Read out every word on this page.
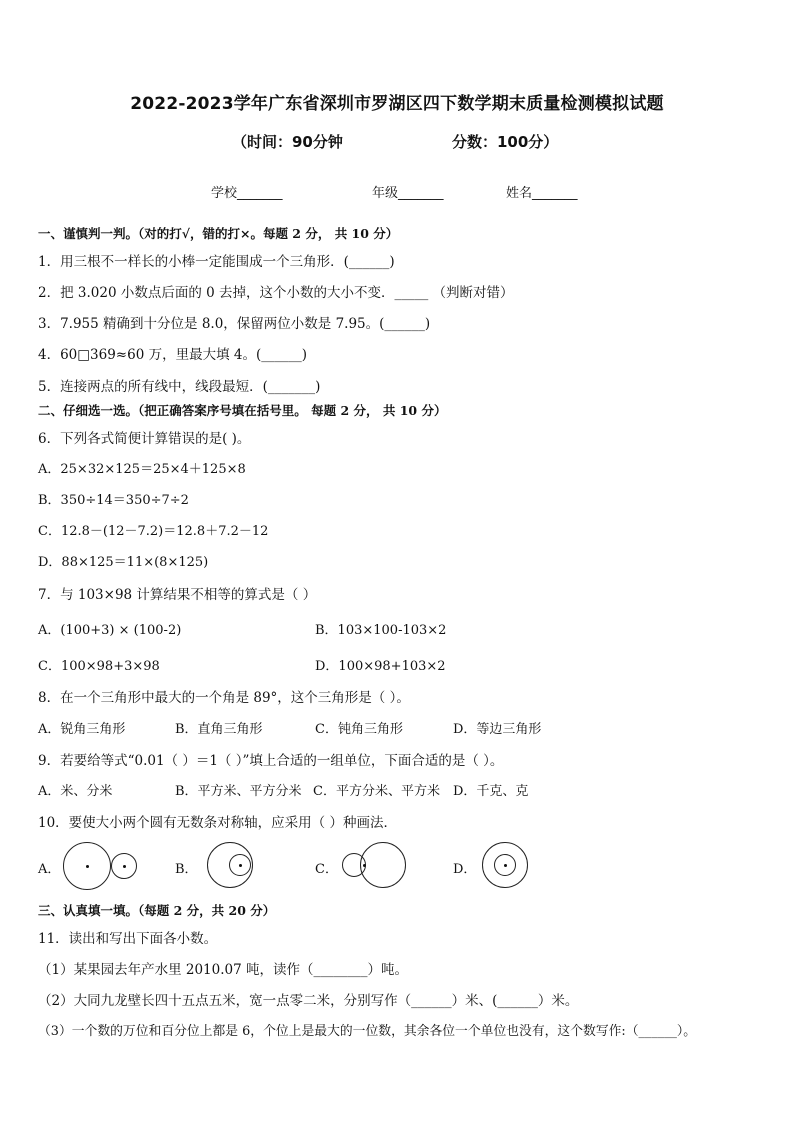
2022-2023学年广东省深圳市罗湖区四下数学期末质量检测模拟试题
（时间：90分钟	分数：100分）
学校_______	年级_______	姓名_______
一、谨慎判一判。（对的打√，错的打×。每题 2 分， 共 10 分）
1．用三根不一样长的小棒一定能围成一个三角形．(______)
2．把 3.020 小数点后面的 0 去掉，这个小数的大小不变．_____ （判断对错）
3．7.955 精确到十分位是 8.0，保留两位小数是 7.95。(______)
4．60□369≈60 万，里最大填 4。(______)
5．连接两点的所有线中，线段最短．(_______)
二、仔细选一选。（把正确答案序号填在括号里。 每题 2 分， 共 10 分）
6．下列各式简便计算错误的是( )。
A．25×32×125＝25×4＋125×8
B．350÷14＝350÷7÷2
C．12.8－(12－7.2)＝12.8＋7.2－12
D．88×125＝11×(8×125)
7．与 103×98 计算结果不相等的算式是（ ）
A．(100+3) × (100-2)	B．103×100-103×2
C．100×98+3×98	D．100×98+103×2
8．在一个三角形中最大的一个角是 89°，这个三角形是（ ）。
A．锐角三角形	B．直角三角形	C．钝角三角形	D．等边三角形
9．若要给等式“0.01（ ）＝1（ ）”填上合适的一组单位，下面合适的是（ ）。
A．米、分米	B．平方米、平方分米 C．平方分米、平方米 D．千克、克
10．要使大小两个圆有无数条对称轴，应采用（ ）种画法．
A．	B．	C．	D．
三、认真填一填。（每题 2 分，共 20 分）
11．读出和写出下面各小数。
（1）某果园去年产水里 2010.07 吨，读作（________）吨。
（2）大同九龙壁长四十五点五米，宽一点零二米，分别写作（______）米、(______）米。
（3）一个数的万位和百分位上都是 6，个位上是最大的一位数，其余各位一个单位也没有，这个数写作:（______）。
